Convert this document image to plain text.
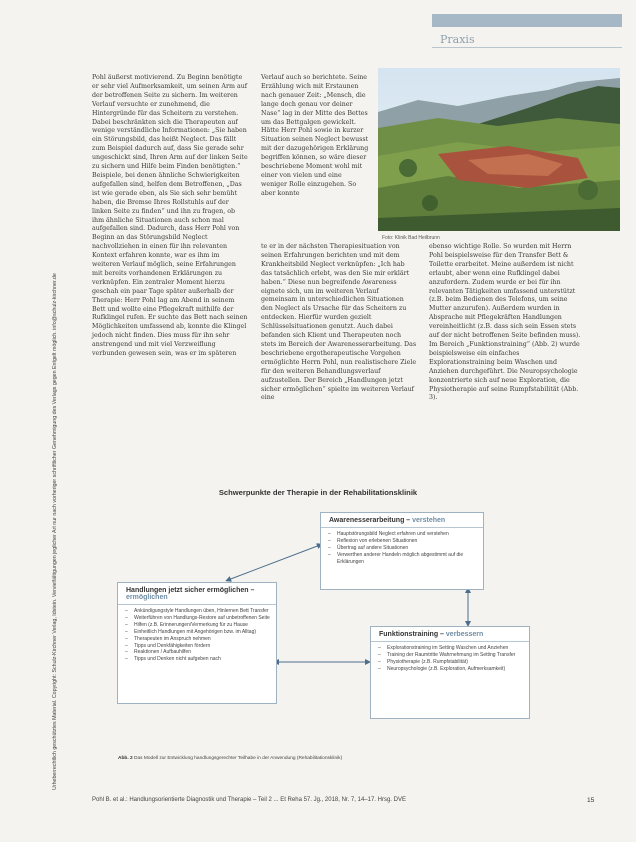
Praxis
Urheberrechtlich geschütztes Material. Copyright: Schulz-Kirchner Verlag, Idstein. Vervielfältigungen jeglicher Art nur nach vorheriger schriftlicher Genehmigung des Verlags gegen Entgelt möglich. info@schulz-kirchner.de

Pohl äußerst motivierend. Zu Beginn benötigte er sehr viel Aufmerksamkeit, um seinen Arm auf der betroffenen Seite zu sichern. Im weiteren Verlauf versuchte er zunehmend, die Hintergründe für das Scheitern zu verstehen. Dabei beschränkten sich die Therapeuten auf wenige verständliche Informationen: „Sie haben ein Störungsbild, das heißt Neglect. Das fällt zum Beispiel dadurch auf, dass Sie gerade sehr ungeschickt sind, Ihren Arm auf der linken Seite zu sichern und Hilfe beim Finden benötigten.“ Beispiele, bei denen ähnliche Schwierigkeiten aufgefallen sind, helfen dem Betroffenen, „Das ist wie gerade eben, als Sie sich sehr bemüht haben, die Bremse Ihres Rollstuhls auf der linken Seite zu finden“ und ihn zu fragen, ob ihm ähnliche Situationen auch schon mal aufgefallen sind. Dadurch, dass Herr Pohl von Beginn an das Störungsbild Neglect nachvollziehen in einen für ihn relevanten Kontext erfahren konnte, war es ihm im weiteren Verlauf möglich, seine Erfahrungen mit bereits vorhandenen Erklärungen zu verknüpfen. Ein zentraler Moment hierzu geschah ein paar Tage später außerhalb der Therapie: Herr Pohl lag am Abend in seinem Bett und wollte eine Pflegekraft mithilfe der Rufklingel rufen. Er suchte das Bett nach seinen Möglichkeiten umfassend ab, konnte die Klingel jedoch nicht finden. Dies muss für ihn sehr anstrengend und mit viel Verzweiflung verbunden gewesen sein, was er im späteren

Verlauf auch so berichtete. Seine Erzählung wich mit Erstaunen nach genauer Zeit: „Mensch, die lange doch genau vor deiner Nase“ lag in der Mitte des Bettes um das Bettgalgen gewickelt. Hätte Herr Pohl sowie in kurzer Situation seinen Neglect bewusst mit der dazugehörigen Erklärung begriffen können, so wäre dieser beschriebene Moment wohl mit einer von vielen und eine weniger Rolle einzugehen. So aber konnte

te er in der nächsten Therapiesituation von seinen Erfahrungen berichten und mit dem Krankheitsbild Neglect verknüpfen: „Ich hab das tatsächlich erlebt, was den Sie mir erklärt haben.“ Diese nun begreifende Awareness eignete sich, um im weiteren Verlauf gemeinsam in unterschiedlichen Situationen den Neglect als Ursache für das Scheitern zu entdecken. Hierfür wurden gezielt Schlüsselsituationen genutzt. Auch dabei befanden sich Klient und Therapeuten noch stets im Bereich der Awarenesserarbeitung. Das beschriebene ergotherapeutische Vorgehen ermöglichte Herrn Pohl, nun realistischere Ziele für den weiteren Behandlungsverlauf aufzustellen. Der Bereich „Handlungen jetzt sicher ermöglichen“ spielte im weiteren Verlauf eine

ebenso wichtige Rolle. So wurden mit Herrn Pohl beispielsweise für den Transfer Bett & Toilette erarbeitet. Meine außerdem ist nicht erlaubt, aber wenn eine Rufklingel dabei anzufordern. Zudem wurde er bei für ihn relevanten Tätigkeiten umfassend unterstützt (z.B. beim Bedienen des Telefons, um seine Mutter anzurufen). Außerdem wurden in Absprache mit Pflegekräften Handlungen vereinheitlicht (z.B. dass sich sein Essen stets auf der nicht betroffenen Seite befinden muss). Im Bereich „Funktionstraining“ (Abb. 2) wurde beispielsweise ein einfaches Explorationstraining beim Waschen und Anziehen durchgeführt. Die Neuropsychologie konzentrierte sich auf neue Exploration, die Physiotherapie auf seine Rumpfstabilität (Abb. 3).

Foto: Klinik Bad Heilbrunn
Schwerpunkte der Therapie in der Rehabilitationsklinik
Awarenesserarbeitung – verstehen
– Hauptstörungsbild Neglect erfahren und verstehen
– Reflexion von erlebenen Situationen
– Übertrag auf andere Situationen
– Verwerthen anderer Handeln möglich abgestimmt auf die Erklärungen
Handlungen jetzt sicher ermöglichen – ermöglichen
– Ankündigungstyle Handlungen üben, Hinlernen Bett Transfer
– Weiterführen von Handlungs-Restore auf unbetroffenen Seite
– Hilfen (z.B. Erinnerungen/Vermerkung für zu Hause
– Einheitlich Handlungen mit Angehörigen bzw. im Alltag)
– Therapeuten im Anspruch nehmen
– Tipps und Denkfähigkeiten fördern
– Reaktionen / Aufbauhilfen
– Tipps und Denken nicht aufgeben nach
Funktionstraining – verbessern
– Explorationstraining im Setting Waschen und Anziehen
– Training der Raumtritte Wahrnehmung im Setting Transfer
– Physiotherapie (z.B. Rumpfstabilität)
– Neuropsychologie (z.B. Exploration, Aufmerksamkeit)
Abb. 2 Das Modell zur Entwicklung handlungsgerechter Teilhabe in der Anwendung (Rehabilitationsklinik)
Pohl B. et al.: Handlungsorientierte Diagnostik und Therapie – Teil 2 ... Et Reha 57. Jg., 2018, Nr. 7, 14–17. Hrsg. DVE	15
